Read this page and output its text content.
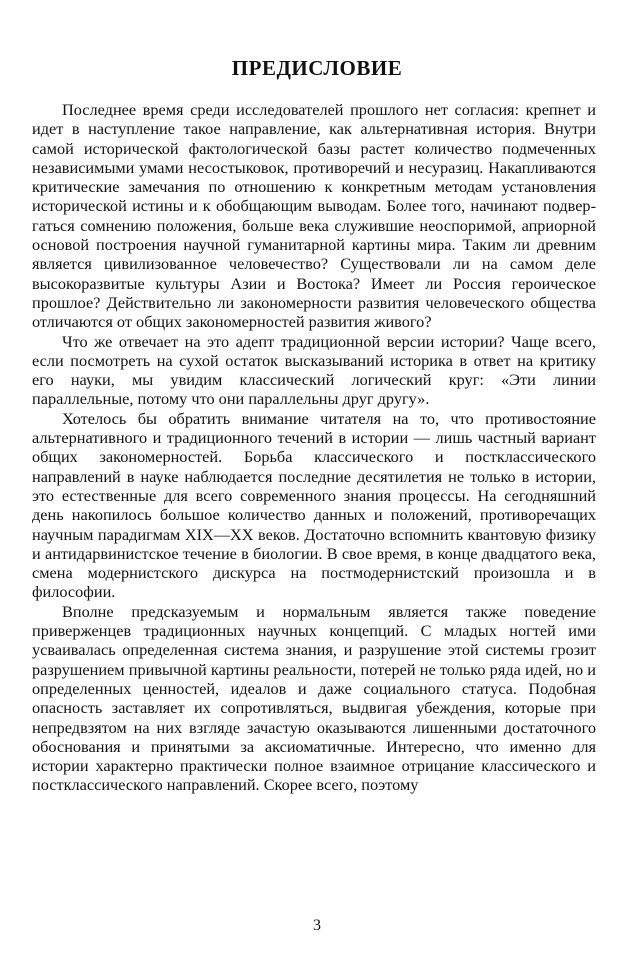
ПРЕДИСЛОВИЕ

Последнее время среди исследователей прошлого нет согласия: крепнет и идет в наступление такое направление, как альтернативная история. Внутри самой исторической фактологической базы растет количество подмеченных независимыми умами несостыковок, противоречий и несуразиц. Накапливаются критические замечания по отношению к конкретным методам установления исторической истины и к обобщающим выводам. Более того, начинают подвергаться сомнению положения, больше века служившие неоспоримой, априорной основой построения научной гуманитарной картины мира. Таким ли древним является цивилизованное человечество? Существовали ли на самом деле высокоразвитые культуры Азии и Востока? Имеет ли Россия героическое прошлое? Действительно ли закономерности развития человеческого общества отличаются от общих закономерностей развития живого?

Что же отвечает на это адепт традиционной версии истории? Чаще всего, если посмотреть на сухой остаток высказываний историка в ответ на критику его науки, мы увидим классический логический круг: «Эти линии параллельные, потому что они параллельны друг другу».

Хотелось бы обратить внимание читателя на то, что противостояние альтернативного и традиционного течений в истории — лишь частный вариант общих закономерностей. Борьба классического и постклассического направлений в науке наблюдается последние десятилетия не только в истории, это естественные для всего современного знания процессы. На сегодняшний день накопилось большое количество данных и положений, противоречащих научным парадигмам XIX—XX веков. Достаточно вспомнить квантовую физику и антидарвинистское течение в биологии. В свое время, в конце двадцатого века, смена модернистского дискурса на постмодернистский произошла и в философии.

Вполне предсказуемым и нормальным является также поведение приверженцев традиционных научных концепций. С младых ногтей ими усваивалась определенная система знания, и разрушение этой системы грозит разрушением привычной картины реальности, потерей не только ряда идей, но и определенных ценностей, идеалов и даже социального статуса. Подобная опасность заставляет их сопротивляться, выдвигая убеждения, которые при непредвзятом на них взгляде зачастую оказываются лишенными достаточного обоснования и принятыми за аксиоматичные. Интересно, что именно для истории характерно практически полное взаимное отрицание классического и постклассического направлений. Скорее всего, поэтому

3
